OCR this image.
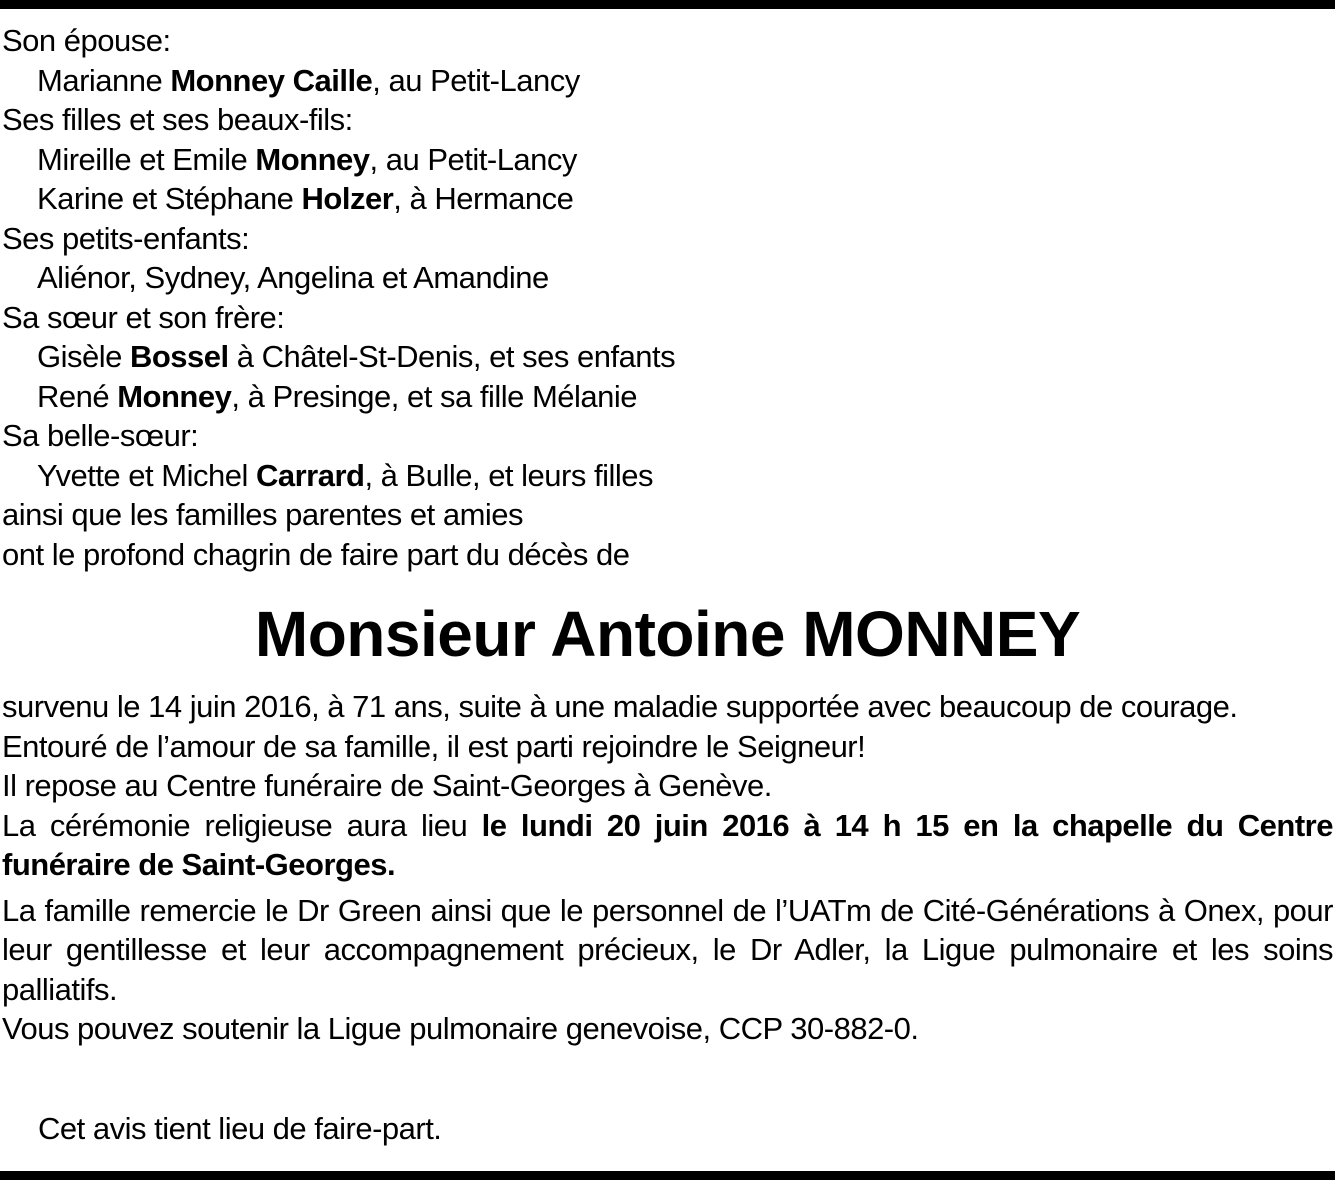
Son épouse:

Marianne Monney Caille, au Petit-Lancy

Ses filles et ses beaux-fils:

Mireille et Emile Monney, au Petit-Lancy

Karine et Stéphane Holzer, à Hermance

Ses petits-enfants:

Aliénor, Sydney, Angelina et Amandine

Sa sœur et son frère:

Gisèle Bossel à Châtel-St-Denis, et ses enfants

René Monney, à Presinge, et sa fille Mélanie

Sa belle-sœur:

Yvette et Michel Carrard, à Bulle, et leurs filles

ainsi que les familles parentes et amies

ont le profond chagrin de faire part du décès de

Monsieur Antoine MONNEY

survenu le 14 juin 2016, à 71 ans, suite à une maladie supportée avec beaucoup de courage.

Entouré de l’amour de sa famille, il est parti rejoindre le Seigneur!

Il repose au Centre funéraire de Saint-Georges à Genève.

La cérémonie religieuse aura lieu le lundi 20 juin 2016 à 14 h 15 en la chapelle du Centre funéraire de Saint-Georges.

La famille remercie le Dr Green ainsi que le personnel de l’UATm de Cité-Générations à Onex, pour leur gentillesse et leur accompagnement précieux, le Dr Adler, la Ligue pulmonaire et les soins palliatifs.

Vous pouvez soutenir la Ligue pulmonaire genevoise, CCP 30-882-0.

Cet avis tient lieu de faire-part.
